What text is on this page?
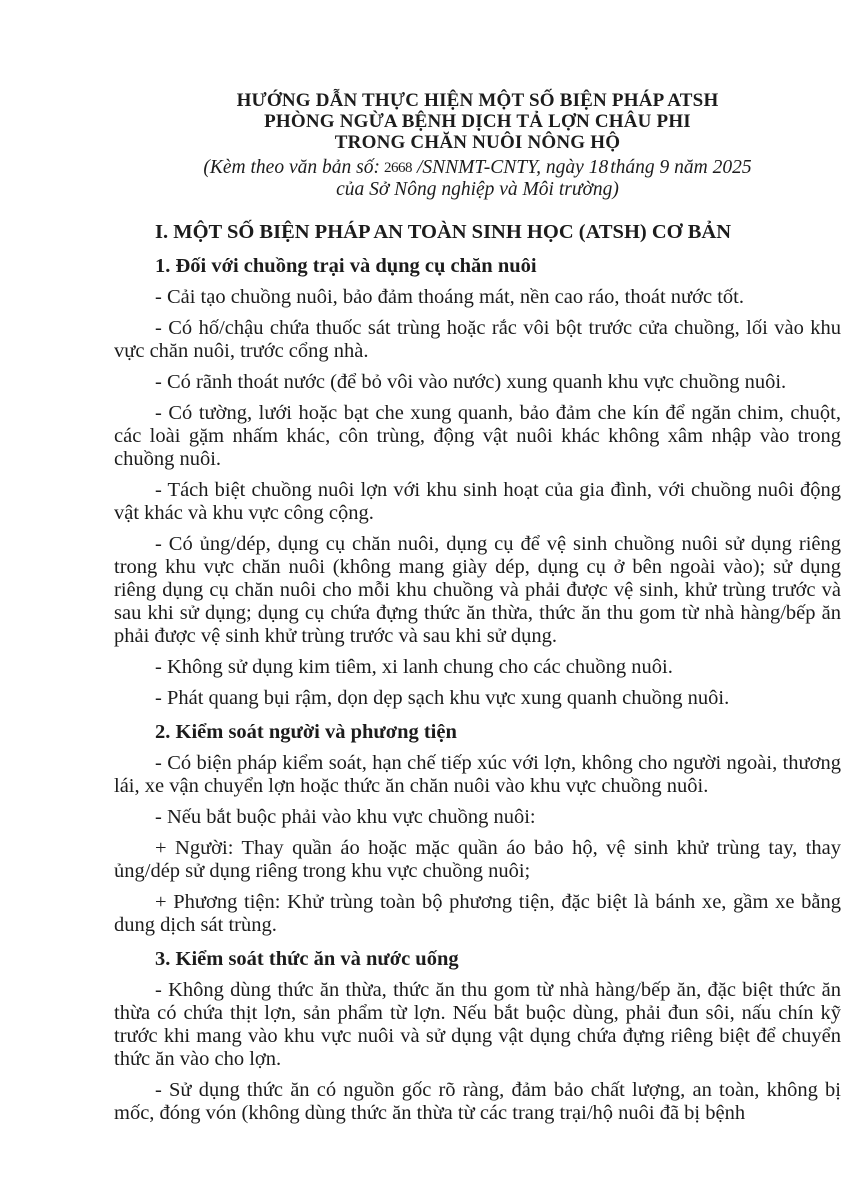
HƯỚNG DẪN THỰC HIỆN MỘT SỐ BIỆN PHÁP ATSH
PHÒNG NGỪA BỆNH DỊCH TẢ LỢN CHÂU PHI
TRONG CHĂN NUÔI NÔNG HỘ
(Kèm theo văn bản số: 2668 /SNNMT-CNTY, ngày 18 tháng 9 năm 2025
của Sở Nông nghiệp và Môi trường)
I. MỘT SỐ BIỆN PHÁP AN TOÀN SINH HỌC (ATSH) CƠ BẢN
1. Đối với chuồng trại và dụng cụ chăn nuôi
- Cải tạo chuồng nuôi, bảo đảm thoáng mát, nền cao ráo, thoát nước tốt.
- Có hố/chậu chứa thuốc sát trùng hoặc rắc vôi bột trước cửa chuồng, lối vào khu vực chăn nuôi, trước cổng nhà.
- Có rãnh thoát nước (để bỏ vôi vào nước) xung quanh khu vực chuồng nuôi.
- Có tường, lưới hoặc bạt che xung quanh, bảo đảm che kín để ngăn chim, chuột, các loài gặm nhấm khác, côn trùng, động vật nuôi khác không xâm nhập vào trong chuồng nuôi.
- Tách biệt chuồng nuôi lợn với khu sinh hoạt của gia đình, với chuồng nuôi động vật khác và khu vực công cộng.
- Có ủng/dép, dụng cụ chăn nuôi, dụng cụ để vệ sinh chuồng nuôi sử dụng riêng trong khu vực chăn nuôi (không mang giày dép, dụng cụ ở bên ngoài vào); sử dụng riêng dụng cụ chăn nuôi cho mỗi khu chuồng và phải được vệ sinh, khử trùng trước và sau khi sử dụng; dụng cụ chứa đựng thức ăn thừa, thức ăn thu gom từ nhà hàng/bếp ăn phải được vệ sinh khử trùng trước và sau khi sử dụng.
- Không sử dụng kim tiêm, xi lanh chung cho các chuồng nuôi.
- Phát quang bụi rậm, dọn dẹp sạch khu vực xung quanh chuồng nuôi.
2. Kiểm soát người và phương tiện
- Có biện pháp kiểm soát, hạn chế tiếp xúc với lợn, không cho người ngoài, thương lái, xe vận chuyển lợn hoặc thức ăn chăn nuôi vào khu vực chuồng nuôi.
- Nếu bắt buộc phải vào khu vực chuồng nuôi:
+ Người: Thay quần áo hoặc mặc quần áo bảo hộ, vệ sinh khử trùng tay, thay ủng/dép sử dụng riêng trong khu vực chuồng nuôi;
+ Phương tiện: Khử trùng toàn bộ phương tiện, đặc biệt là bánh xe, gầm xe bằng dung dịch sát trùng.
3. Kiểm soát thức ăn và nước uống
- Không dùng thức ăn thừa, thức ăn thu gom từ nhà hàng/bếp ăn, đặc biệt thức ăn thừa có chứa thịt lợn, sản phẩm từ lợn. Nếu bắt buộc dùng, phải đun sôi, nấu chín kỹ trước khi mang vào khu vực nuôi và sử dụng vật dụng chứa đựng riêng biệt để chuyển thức ăn vào cho lợn.
- Sử dụng thức ăn có nguồn gốc rõ ràng, đảm bảo chất lượng, an toàn, không bị mốc, đóng vón (không dùng thức ăn thừa từ các trang trại/hộ nuôi đã bị bệnh
